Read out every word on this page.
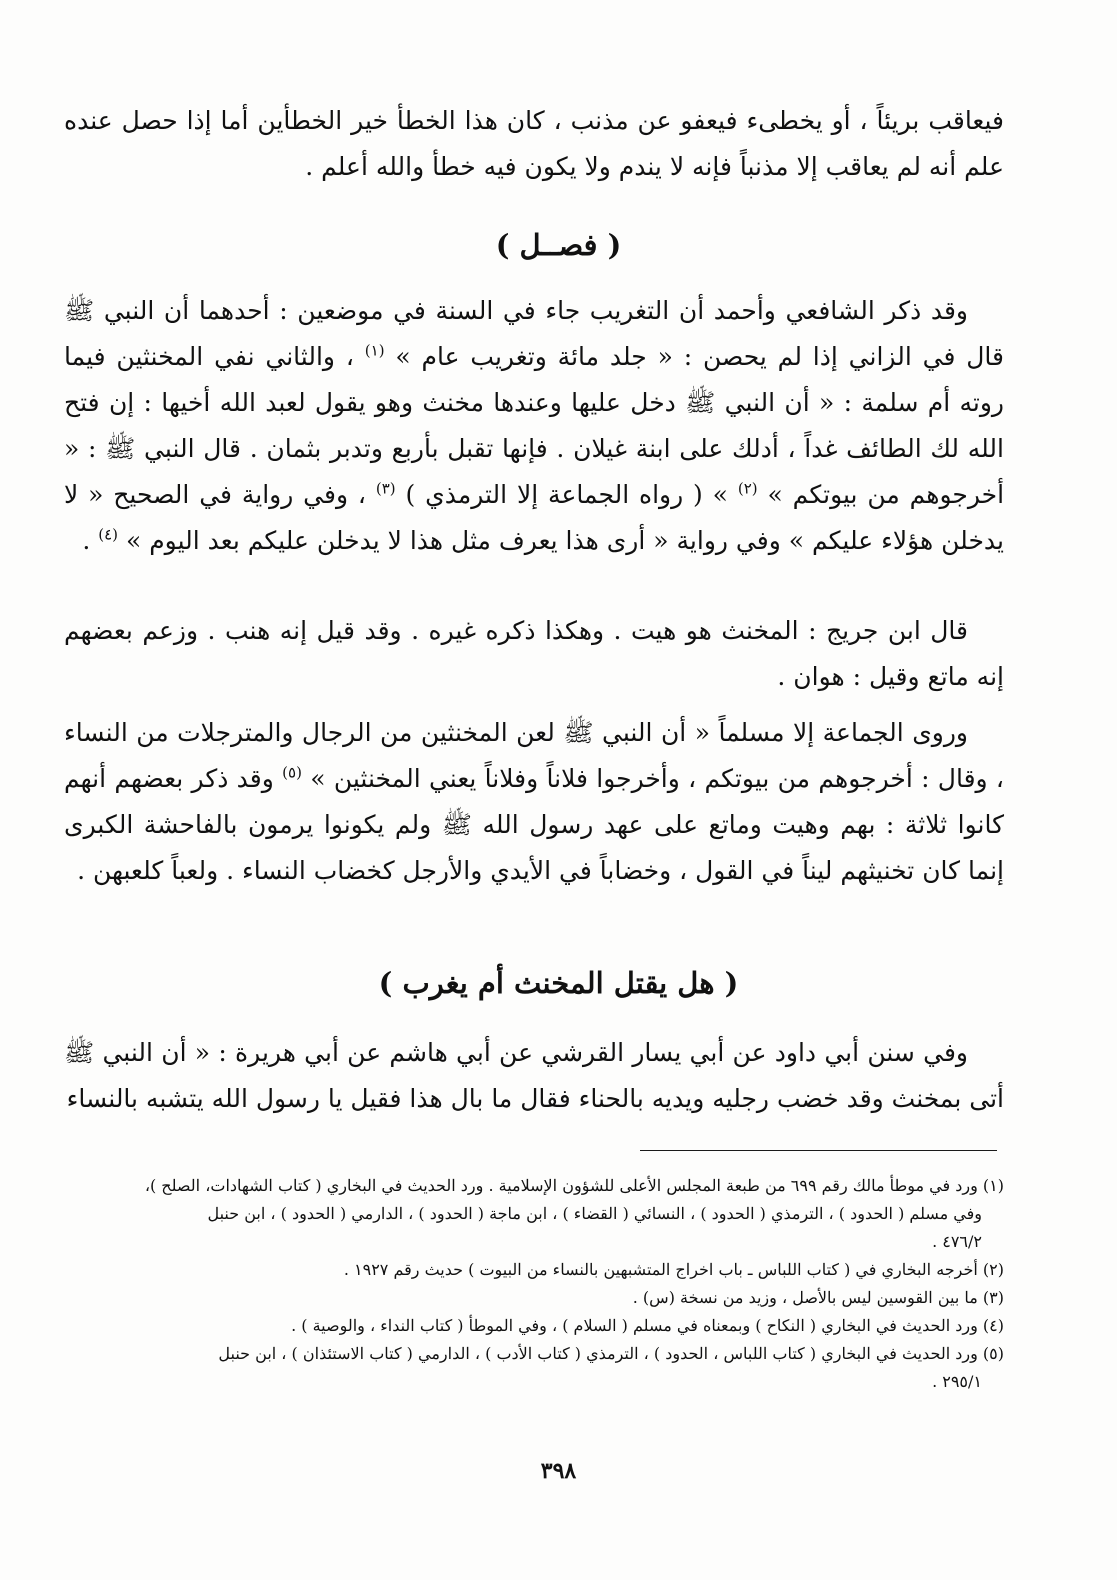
فيعاقب بريئاً ، أو يخطىء فيعفو عن مذنب ، كان هذا الخطأ خير الخطأين أما إذا حصل عنده علم أنه لم يعاقب إلا مذنباً فإنه لا يندم ولا يكون فيه خطأ والله أعلم .

( فصــل )

وقد ذكر الشافعي وأحمد أن التغريب جاء في السنة في موضعين : أحدهما أن النبي ﷺ قال في الزاني إذا لم يحصن : « جلد مائة وتغريب عام » $^{(١)}$ ، والثاني نفي المخنثين فيما روته أم سلمة : « أن النبي ﷺ دخل عليها وعندها مخنث وهو يقول لعبد الله أخيها : إن فتح الله لك الطائف غداً ، أدلك على ابنة غيلان . فإنها تقبل بأربع وتدبر بثمان . قال النبي ﷺ : « أخرجوهم من بيوتكم » $^{(٢)}$ » ( رواه الجماعة إلا الترمذي ) $^{(٣)}$ ، وفي رواية في الصحيح « لا يدخلن هؤلاء عليكم » وفي رواية « أرى هذا يعرف مثل هذا لا يدخلن عليكم بعد اليوم » $^{(٤)}$ .

قال ابن جريج : المخنث هو هيت . وهكذا ذكره غيره . وقد قيل إنه هنب . وزعم بعضهم إنه ماتع وقيل : هوان .

وروى الجماعة إلا مسلماً « أن النبي ﷺ لعن المخنثين من الرجال والمترجلات من النساء ، وقال : أخرجوهم من بيوتكم ، وأخرجوا فلاناً وفلاناً يعني المخنثين » $^{(٥)}$ وقد ذكر بعضهم أنهم كانوا ثلاثة : بهم وهيت وماتع على عهد رسول الله ﷺ ولم يكونوا يرمون بالفاحشة الكبرى إنما كان تخنيثهم ليناً في القول ، وخضاباً في الأيدي والأرجل كخضاب النساء . ولعباً كلعبهن .

( هل يقتل المخنث أم يغرب )

وفي سنن أبي داود عن أبي يسار القرشي عن أبي هاشم عن أبي هريرة : « أن النبي ﷺ أتى بمخنث وقد خضب رجليه ويديه بالحناء فقال ما بال هذا فقيل يا رسول الله يتشبه بالنساء

(١) ورد في موطأ مالك رقم ٦٩٩ من طبعة المجلس الأعلى للشؤون الإسلامية . ورد الحديث في البخاري ( كتاب الشهادات، الصلح )،
وفي مسلم ( الحدود ) ، الترمذي ( الحدود ) ، النسائي ( القضاء ) ، ابن ماجة ( الحدود ) ، الدارمي ( الحدود ) ، ابن حنبل
٤٧٦/٢ .

(٢) أخرجه البخاري في ( كتاب اللباس ـ باب اخراج المتشبهين بالنساء من البيوت ) حديث رقم ١٩٢٧ .

(٣) ما بين القوسين ليس بالأصل ، وزيد من نسخة (س) .

(٤) ورد الحديث في البخاري ( النكاح ) وبمعناه في مسلم ( السلام ) ، وفي الموطأ ( كتاب النداء ، والوصية ) .

(٥) ورد الحديث في البخاري ( كتاب اللباس ، الحدود ) ، الترمذي ( كتاب الأدب ) ، الدارمي ( كتاب الاستئذان ) ، ابن حنبل
٢٩٥/١ .

٣٩٨
